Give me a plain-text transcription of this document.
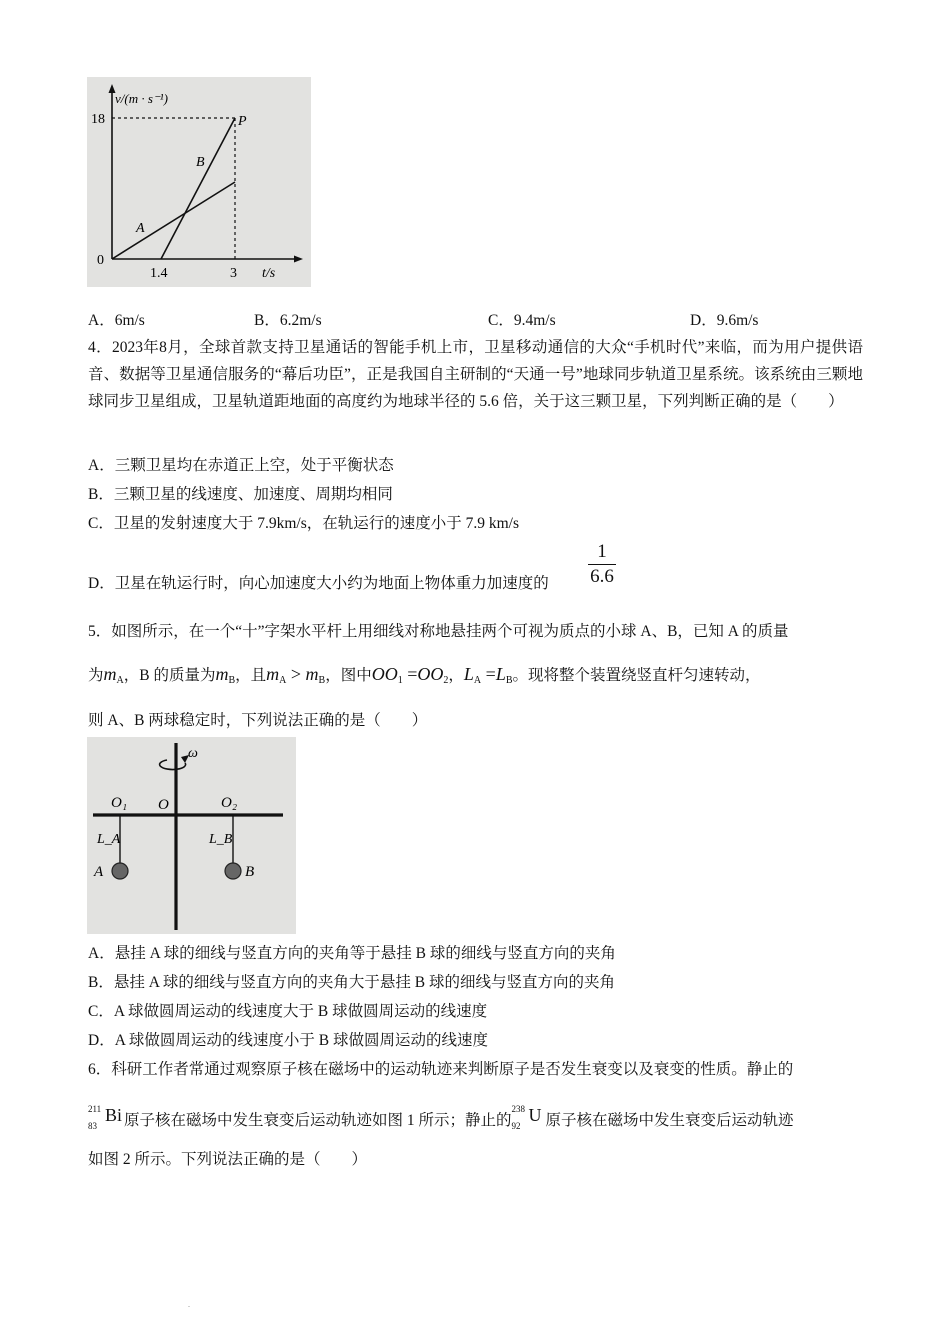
v/(m · s⁻¹)
18
0
1.4	3 t/s
P
B
A
A．6m/s	B．6.2m/s	C．9.4m/s	D．9.6m/s
4．2023年8月，全球首款支持卫星通话的智能手机上市，卫星移动通信的大众“手机时代”来临，而为用户提供语音、数据等卫星通信服务的“幕后功臣”，正是我国自主研制的“天通一号”地球同步轨道卫星系统。该系统由三颗地球同步卫星组成，卫星轨道距地面的高度约为地球半径的 5.6 倍，关于这三颗卫星，下列判断正确的是（　　）
A．三颗卫星均在赤道正上空，处于平衡状态
B．三颗卫星的线速度、加速度、周期均相同
C．卫星的发射速度大于 7.9km/s，在轨运行的速度小于 7.9 km/s
D．卫星在轨运行时，向心加速度大小约为地面上物体重力加速度的
1
6.6
5．如图所示，在一个“十”字架水平杆上用细线对称地悬挂两个可视为质点的小球 A、B，已知 A 的质量
为$m_A$，B 的质量为$m_B$，且$m_A > m_B$，图中$OO_1 =OO_2$，$L_A =L_B$。现将整个装置绕竖直杆匀速转动，
则 A、B 两球稳定时，下列说法正确的是（　　）
ω
O₁ O	O₂
L_A	L_B
A	B
A．悬挂 A 球的细线与竖直方向的夹角等于悬挂 B 球的细线与竖直方向的夹角
B．悬挂 A 球的细线与竖直方向的夹角大于悬挂 B 球的细线与竖直方向的夹角
C．A 球做圆周运动的线速度大于 B 球做圆周运动的线速度
D．A 球做圆周运动的线速度小于 B 球做圆周运动的线速度
6．科研工作者常通过观察原子核在磁场中的运动轨迹来判断原子是否发生衰变以及衰变的性质。静止的
211
83
Bi 原子核在磁场中发生衰变后运动轨迹如图 1 所示；静止的
238
92
U 原子核在磁场中发生衰变后运动轨迹
如图 2 所示。下列说法正确的是（　　）
.
